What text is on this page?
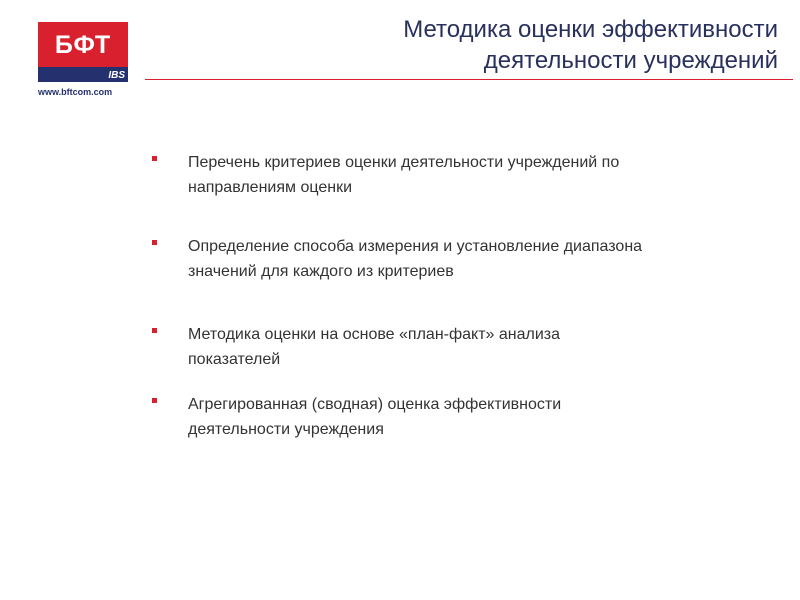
БФТ
IBS
www.bftcom.com
Методика оценки эффективности
деятельности учреждений
Перечень критериев оценки деятельности учреждений по
направлениям оценки
Определение способа измерения и установление диапазона
значений для каждого из критериев
Методика оценки на основе «план-факт» анализа
показателей
Агрегированная (сводная) оценка эффективности
деятельности учреждения
